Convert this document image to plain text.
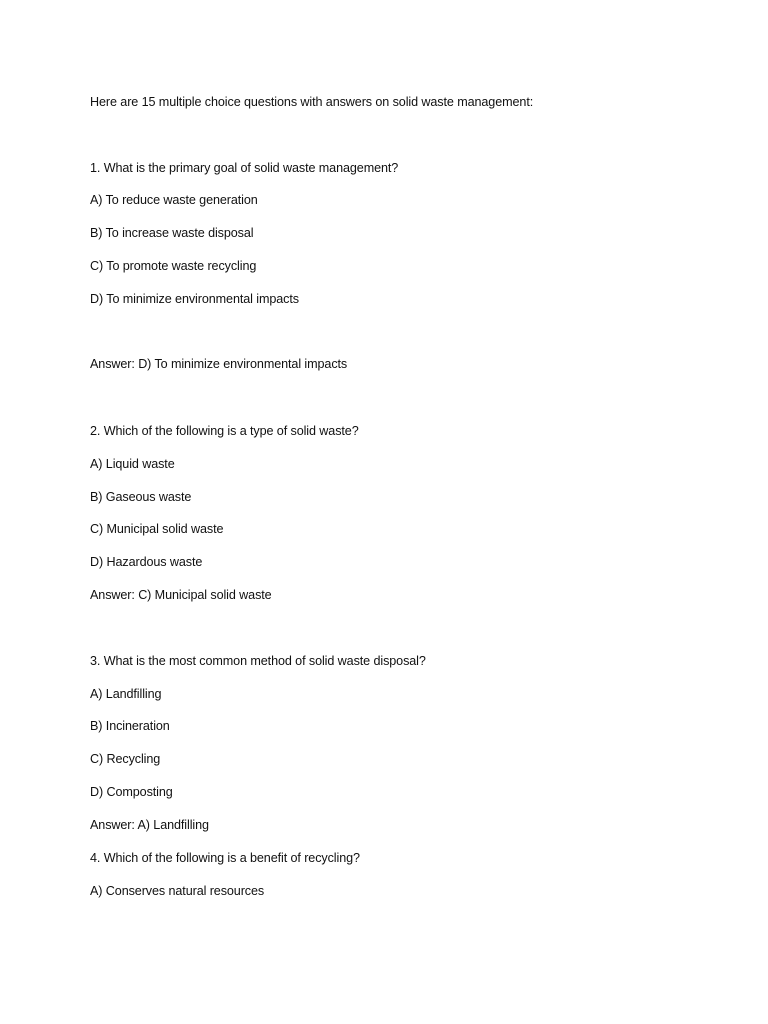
Here are 15 multiple choice questions with answers on solid waste management:
1. What is the primary goal of solid waste management?
A) To reduce waste generation
B) To increase waste disposal
C) To promote waste recycling
D) To minimize environmental impacts
Answer: D) To minimize environmental impacts
2. Which of the following is a type of solid waste?
A) Liquid waste
B) Gaseous waste
C) Municipal solid waste
D) Hazardous waste
Answer: C) Municipal solid waste
3. What is the most common method of solid waste disposal?
A) Landfilling
B) Incineration
C) Recycling
D) Composting
Answer: A) Landfilling
4. Which of the following is a benefit of recycling?
A) Conserves natural resources
